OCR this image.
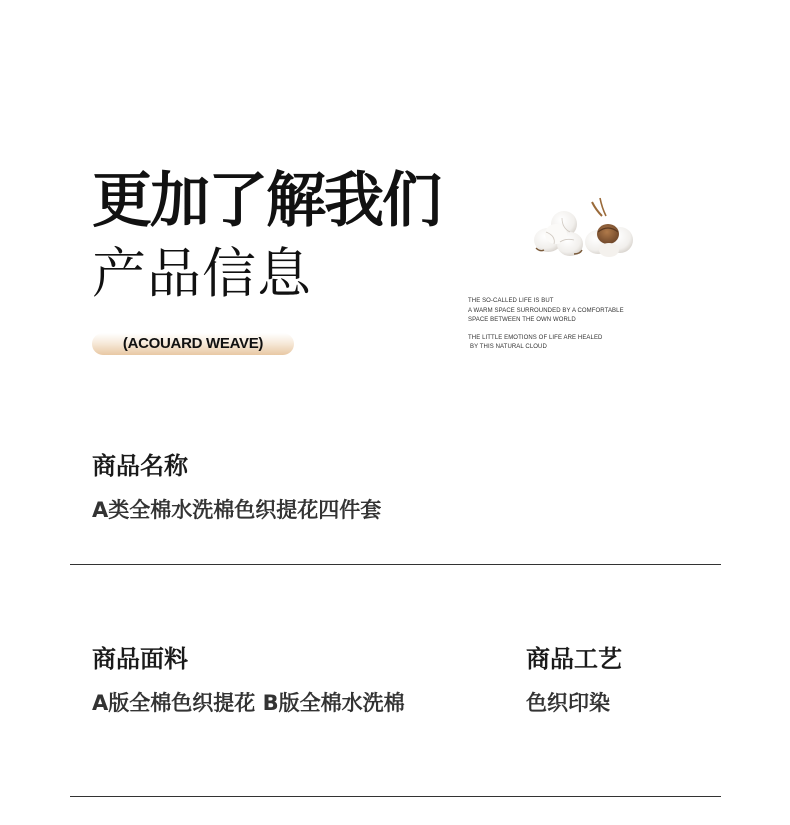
更加了解我们
产品信息
(ACOUARD WEAVE)
THE SO-CALLED LIFE IS BUT
A WARM SPACE SURROUNDED BY A COMFORTABLE
SPACE BETWEEN THE OWN WORLD
THE LITTLE EMOTIONS OF LIFE ARE HEALED
BY THIS NATURAL CLOUD

商品名称

A类全棉水洗棉色织提花四件套

商品面料

A版全棉色织提花 B版全棉水洗棉

商品工艺

色织印染
